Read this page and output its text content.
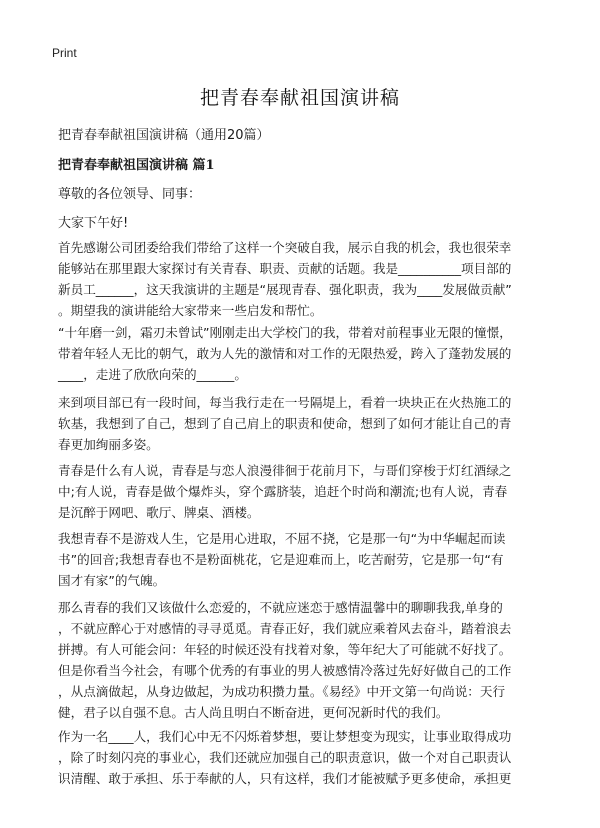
Print
把青春奉献祖国演讲稿
把青春奉献祖国演讲稿（通用20篇）
把青春奉献祖国演讲稿 篇1
尊敬的各位领导、同事：
大家下午好!
首先感谢公司团委给我们带给了这样一个突破自我，展示自我的机会，我也很荣幸
能够站在那里跟大家探讨有关青春、职责、贡献的话题。我是__________项目部的
新员工______，这天我演讲的主题是“展现青春、强化职责，我为____发展做贡献”
。期望我的演讲能给大家带来一些启发和帮忙。
“十年磨一剑，霜刃未曾试”刚刚走出大学校门的我，带着对前程事业无限的憧憬，
带着年轻人无比的朝气，敢为人先的激情和对工作的无限热爱，跨入了蓬勃发展的
____，走进了欣欣向荣的______。
来到项目部已有一段时间，每当我行走在一号隔堤上，看着一块块正在火热施工的
软基，我想到了自己，想到了自己肩上的职责和使命，想到了如何才能让自己的青
春更加绚丽多姿。
青春是什么有人说，青春是与恋人浪漫徘徊于花前月下，与哥们穿梭于灯红酒绿之
中;有人说，青春是做个爆炸头，穿个露脐装，追赶个时尚和潮流;也有人说，青春
是沉醉于网吧、歌厅、牌桌、酒楼。
我想青春不是游戏人生，它是用心进取，不屈不挠，它是那一句“为中华崛起而读
书”的回音;我想青春也不是粉面桃花，它是迎难而上，吃苦耐劳，它是那一句“有
国才有家”的气魄。
那么青春的我们又该做什么恋爱的，不就应迷恋于感情温馨中的聊聊我我,单身的
，不就应醉心于对感情的寻寻觅觅。青春正好，我们就应乘着风去奋斗，踏着浪去
拼搏。有人可能会问：年轻的时候还没有找着对象，等年纪大了可能就不好找了。
但是你看当今社会，有哪个优秀的有事业的男人被感情冷落过先好好做自己的工作
，从点滴做起，从身边做起，为成功积攒力量。《易经》中开文第一句尚说：天行
健，君子以自强不息。古人尚且明白不断奋进，更何况新时代的我们。
作为一名____人，我们心中无不闪烁着梦想，要让梦想变为现实，让事业取得成功
，除了时刻闪亮的事业心，我们还就应加强自己的职责意识，做一个对自己职责认
识清醒、敢于承担、乐于奉献的人，只有这样，我们才能被赋予更多使命，承担更
